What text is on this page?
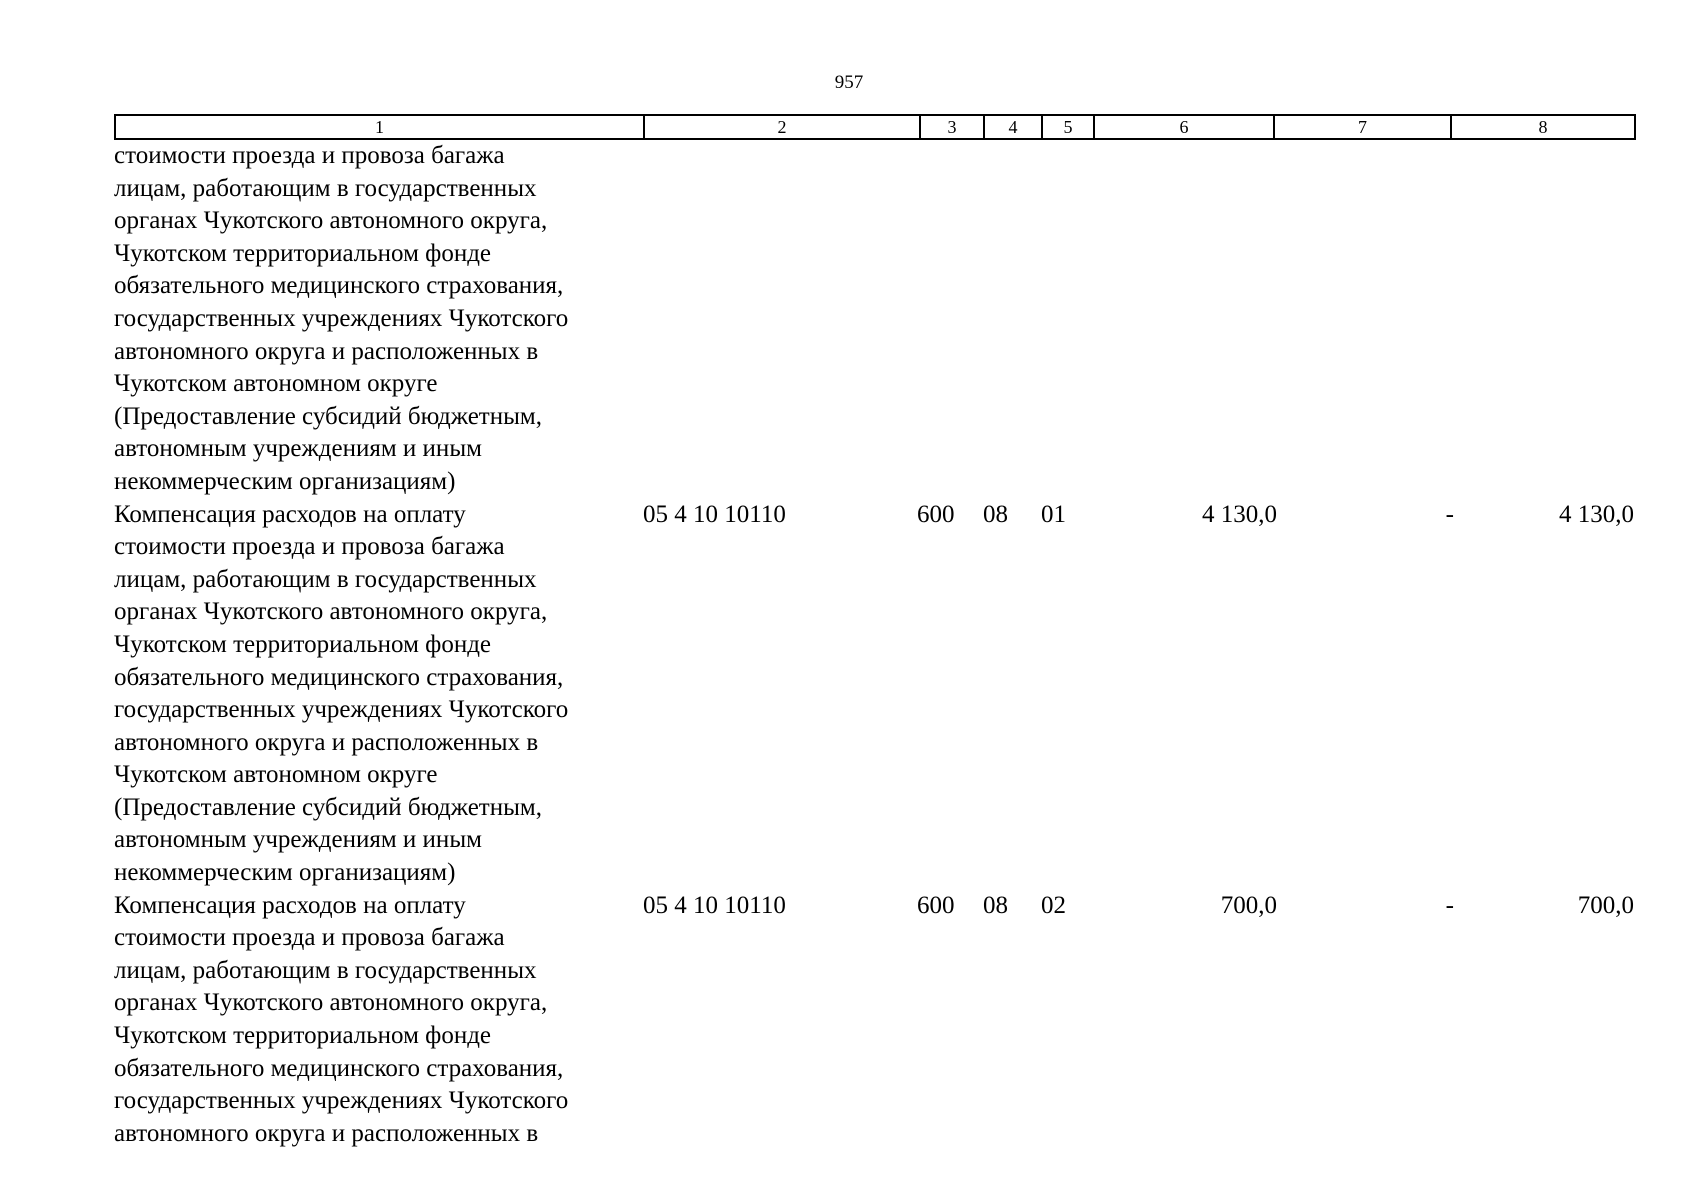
957
1	2	3	4	5	6	7	8
стоимости проезда и провоза багажа
лицам, работающим в государственных
органах Чукотского автономного округа,
Чукотском территориальном фонде
обязательного медицинского страхования,
государственных учреждениях Чукотского
автономного округа и расположенных в
Чукотском автономном округе
(Предоставление субсидий бюджетным,
автономным учреждениям и иным
некоммерческим организациям)
Компенсация расходов на оплату
стоимости проезда и провоза багажа
лицам, работающим в государственных
органах Чукотского автономного округа,
Чукотском территориальном фонде
обязательного медицинского страхования,
государственных учреждениях Чукотского
автономного округа и расположенных в
Чукотском автономном округе
(Предоставление субсидий бюджетным,
автономным учреждениям и иным
некоммерческим организациям)
05 4 10 10110	600 08 01	4 130,0	-	4 130,0
Компенсация расходов на оплату
стоимости проезда и провоза багажа
лицам, работающим в государственных
органах Чукотского автономного округа,
Чукотском территориальном фонде
обязательного медицинского страхования,
государственных учреждениях Чукотского
автономного округа и расположенных в
05 4 10 10110	600 08 02	700,0	-	700,0
